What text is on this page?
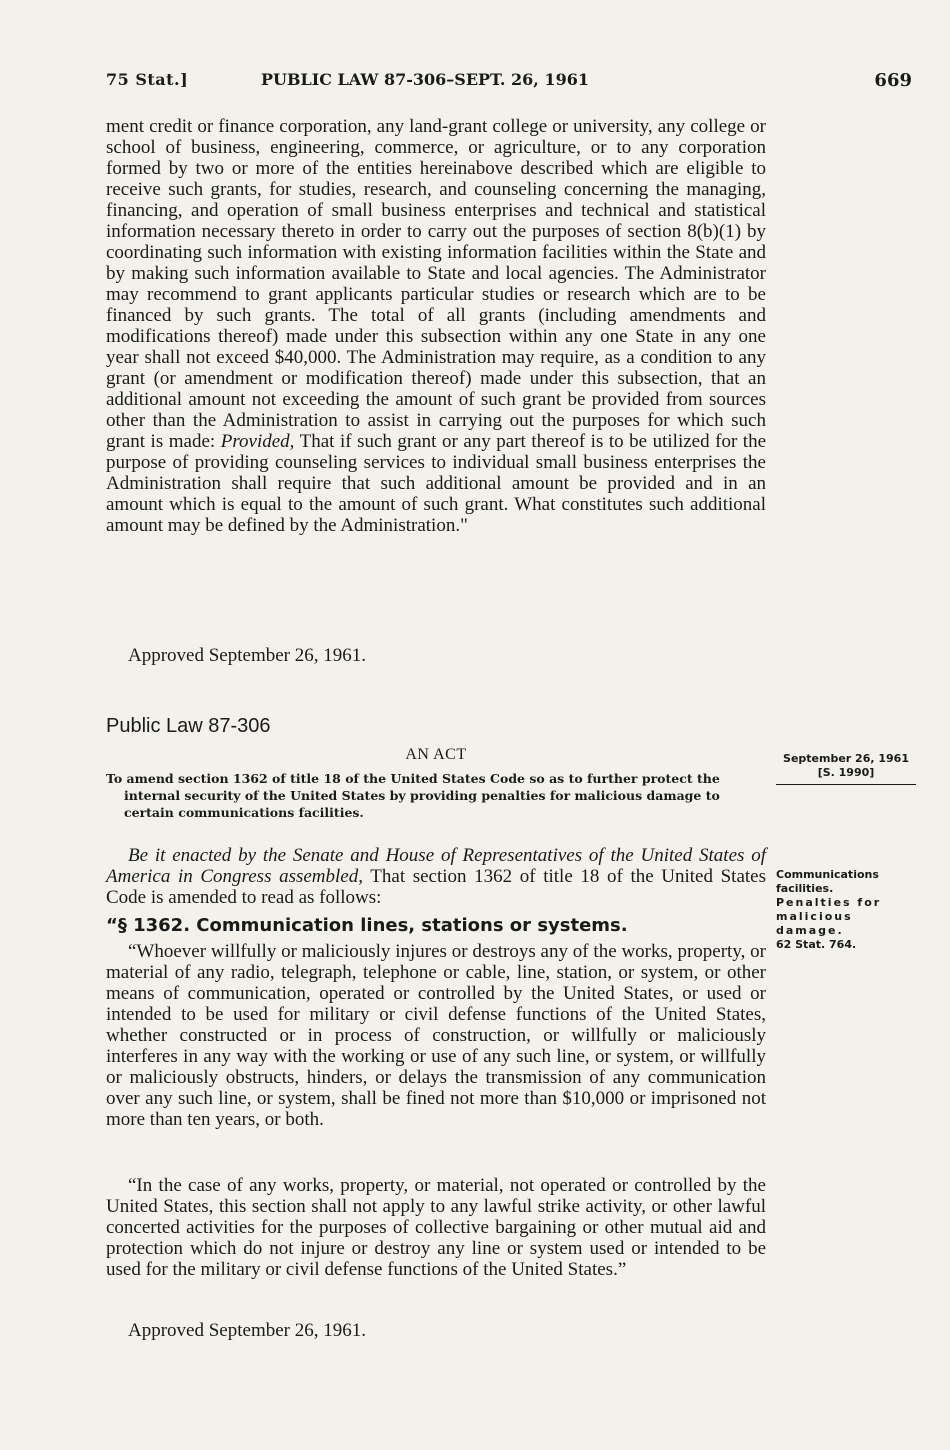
75 Stat.]	PUBLIC LAW 87-306–SEPT. 26, 1961	669
ment credit or finance corporation, any land-grant college or university, any college or school of business, engineering, commerce, or agriculture, or to any corporation formed by two or more of the entities hereinabove described which are eligible to receive such grants, for studies, research, and counseling concerning the managing, financing, and operation of small business enterprises and technical and statistical information necessary thereto in order to carry out the purposes of section 8(b)(1) by coordinating such information with existing information facilities within the State and by making such information available to State and local agencies. The Administrator may recommend to grant applicants particular studies or research which are to be financed by such grants. The total of all grants (including amendments and modifications thereof) made under this subsection within any one State in any one year shall not exceed $40,000. The Administration may require, as a condition to any grant (or amendment or modification thereof) made under this subsection, that an additional amount not exceeding the amount of such grant be provided from sources other than the Administration to assist in carrying out the purposes for which such grant is made: Provided, That if such grant or any part thereof is to be utilized for the purpose of providing counseling services to individual small business enterprises the Administration shall require that such additional amount be provided and in an amount which is equal to the amount of such grant. What constitutes such additional amount may be defined by the Administration."
Approved September 26, 1961.
Public Law 87-306
AN ACT
To amend section 1362 of title 18 of the United States Code so as to further protect the internal security of the United States by providing penalties for malicious damage to certain communications facilities.
Be it enacted by the Senate and House of Representatives of the United States of America in Congress assembled, That section 1362 of title 18 of the United States Code is amended to read as follows:
“§ 1362. Communication lines, stations or systems.
“Whoever willfully or maliciously injures or destroys any of the works, property, or material of any radio, telegraph, telephone or cable, line, station, or system, or other means of communication, operated or controlled by the United States, or used or intended to be used for military or civil defense functions of the United States, whether constructed or in process of construction, or willfully or maliciously interferes in any way with the working or use of any such line, or system, or willfully or maliciously obstructs, hinders, or delays the transmission of any communication over any such line, or system, shall be fined not more than $10,000 or imprisoned not more than ten years, or both.
“In the case of any works, property, or material, not operated or controlled by the United States, this section shall not apply to any lawful strike activity, or other lawful concerted activities for the purposes of collective bargaining or other mutual aid and protection which do not injure or destroy any line or system used or intended to be used for the military or civil defense functions of the United States.”
Approved September 26, 1961.
September 26, 1961
[S. 1990]
Communications facilities.
Penalties for malicious damage.
62 Stat. 764.
